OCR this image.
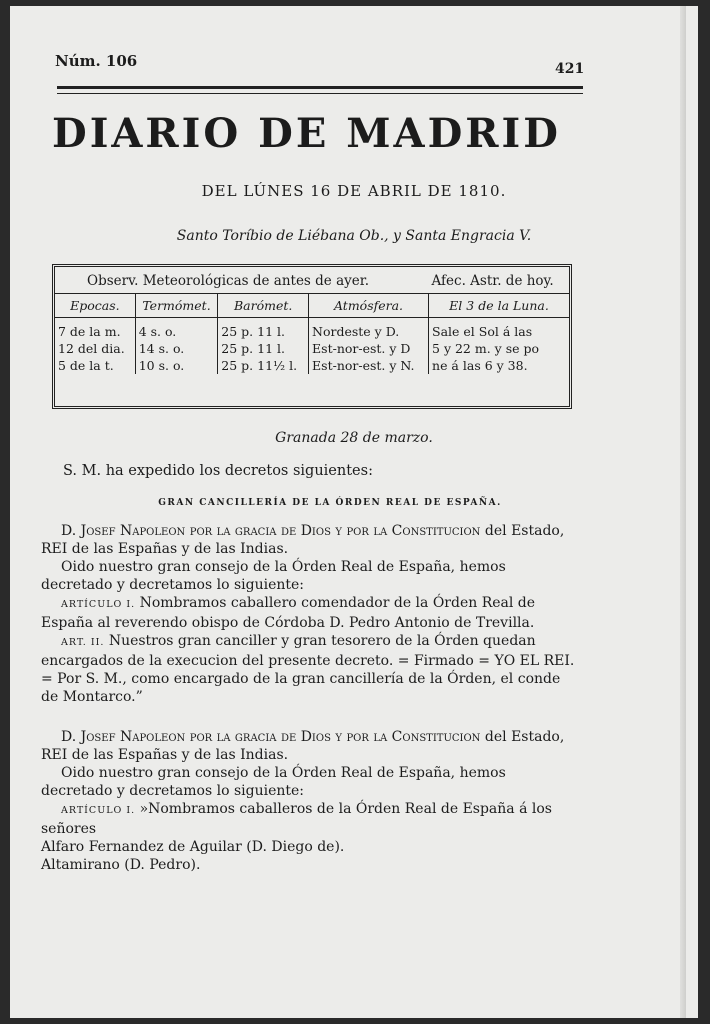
Núm. 106	421
DIARIO DE MADRID
DEL LÚNES 16 DE ABRIL DE 1810.
Santo Toríbio de Liébana Ob., y Santa Engracia V.
Observ. Meteorológicas de antes de ayer.				Afec. Astr. de hoy.
Epocas.	Termómet.	Barómet.	Atmósfera.	El 3 de la Luna.
7 de la m.	4 s. o.	25 p. 11 l.	Nordeste y D.	Sale el Sol á las
12 del dia.	14 s. o.	25 p. 11 l.	Est-nor-est. y D	5 y 22 m. y se po
5 de la t.	10 s. o.	25 p. 11½ l.	Est-nor-est. y N.	ne á las 6 y 38.
Granada 28 de marzo.

S. M. ha expedido los decretos siguientes:

GRAN CANCILLERÍA DE LA ÓRDEN REAL DE ESPAÑA.

D. Josef Napoleon por la gracia de Dios y por la Constitucion del Estado, REI de las Españas y de las Indias.

Oido nuestro gran consejo de la Órden Real de España, hemos decretado y decretamos lo siguiente:

ARTÍCULO I. Nombramos caballero comendador de la Órden Real de España al reverendo obispo de Córdoba D. Pedro Antonio de Trevilla.

ART. II. Nuestros gran canciller y gran tesorero de la Órden quedan encargados de la execucion del presente decreto. = Firmado = YO EL REI. = Por S. M., como encargado de la gran cancillería de la Órden, el conde de Montarco.”

D. Josef Napoleon por la gracia de Dios y por la Constitucion del Estado, REI de las Españas y de las Indias.

Oido nuestro gran consejo de la Órden Real de España, hemos decretado y decretamos lo siguiente:

ARTÍCULO I. »Nombramos caballeros de la Órden Real de España á los señores

Alfaro Fernandez de Aguilar (D. Diego de).

Altamirano (D. Pedro).
